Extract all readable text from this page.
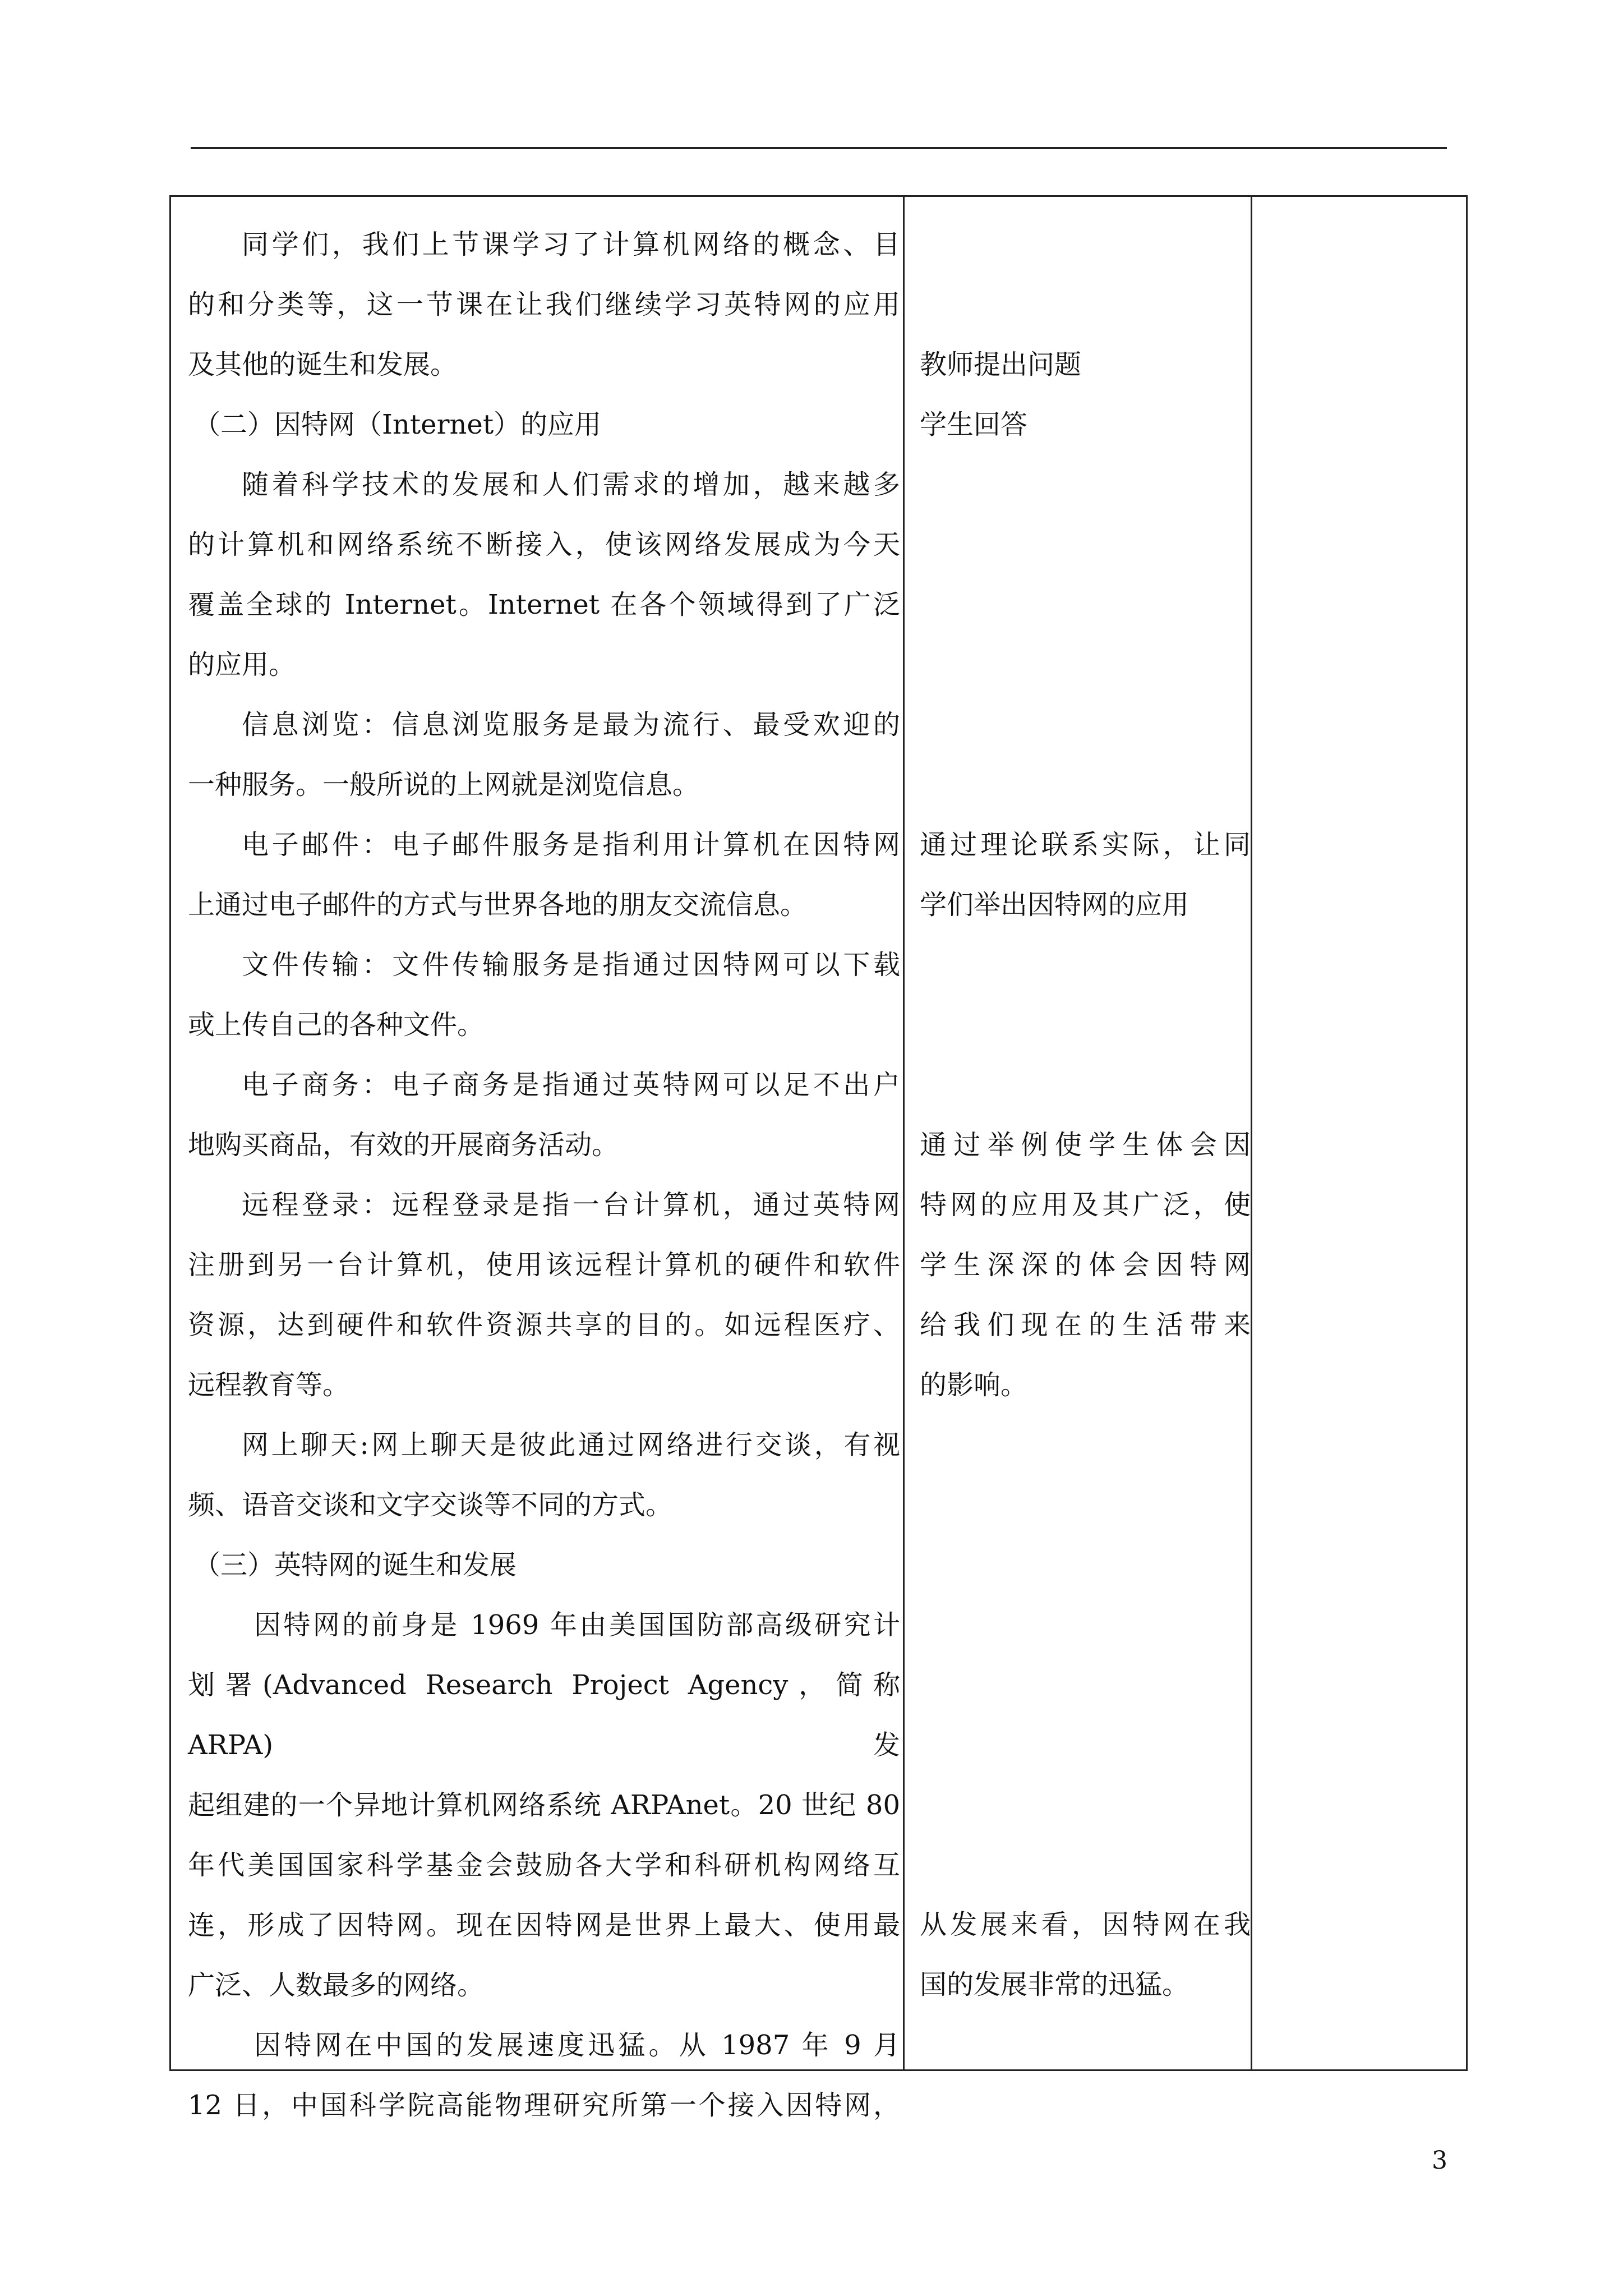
同学们，我们上节课学习了计算机网络的概念、目

的和分类等，这一节课在让我们继续学习英特网的应用

及其他的诞生和发展。

（二）因特网（Internet）的应用

随着科学技术的发展和人们需求的增加，越来越多

的计算机和网络系统不断接入，使该网络发展成为今天

覆盖全球的 Internet。Internet 在各个领域得到了广泛

的应用。

信息浏览：信息浏览服务是最为流行、最受欢迎的

一种服务。一般所说的上网就是浏览信息。

电子邮件：电子邮件服务是指利用计算机在因特网

上通过电子邮件的方式与世界各地的朋友交流信息。

文件传输：文件传输服务是指通过因特网可以下载

或上传自己的各种文件。

电子商务：电子商务是指通过英特网可以足不出户

地购买商品，有效的开展商务活动。

远程登录：远程登录是指一台计算机，通过英特网

注册到另一台计算机，使用该远程计算机的硬件和软件

资源，达到硬件和软件资源共享的目的。如远程医疗、

远程教育等。

网上聊天:网上聊天是彼此通过网络进行交谈，有视

频、语音交谈和文字交谈等不同的方式。

（三）英特网的诞生和发展

因特网的前身是 1969 年由美国国防部高级研究计

划署(Advanced Research Project Agency，简称 ARPA)发

起组建的一个异地计算机网络系统 ARPAnet。20 世纪 80

年代美国国家科学基金会鼓励各大学和科研机构网络互

连，形成了因特网。现在因特网是世界上最大、使用最

广泛、人数最多的网络。

因特网在中国的发展速度迅猛。从 1987 年 9 月

12 日，中国科学院高能物理研究所第一个接入因特网，

教师提出问题

学生回答

通过理论联系实际，让同

学们举出因特网的应用

通过举例使学生体会因

特网的应用及其广泛，使

学生深深的体会因特网

给我们现在的生活带来

的影响。

从发展来看，因特网在我

国的发展非常的迅猛。

3
